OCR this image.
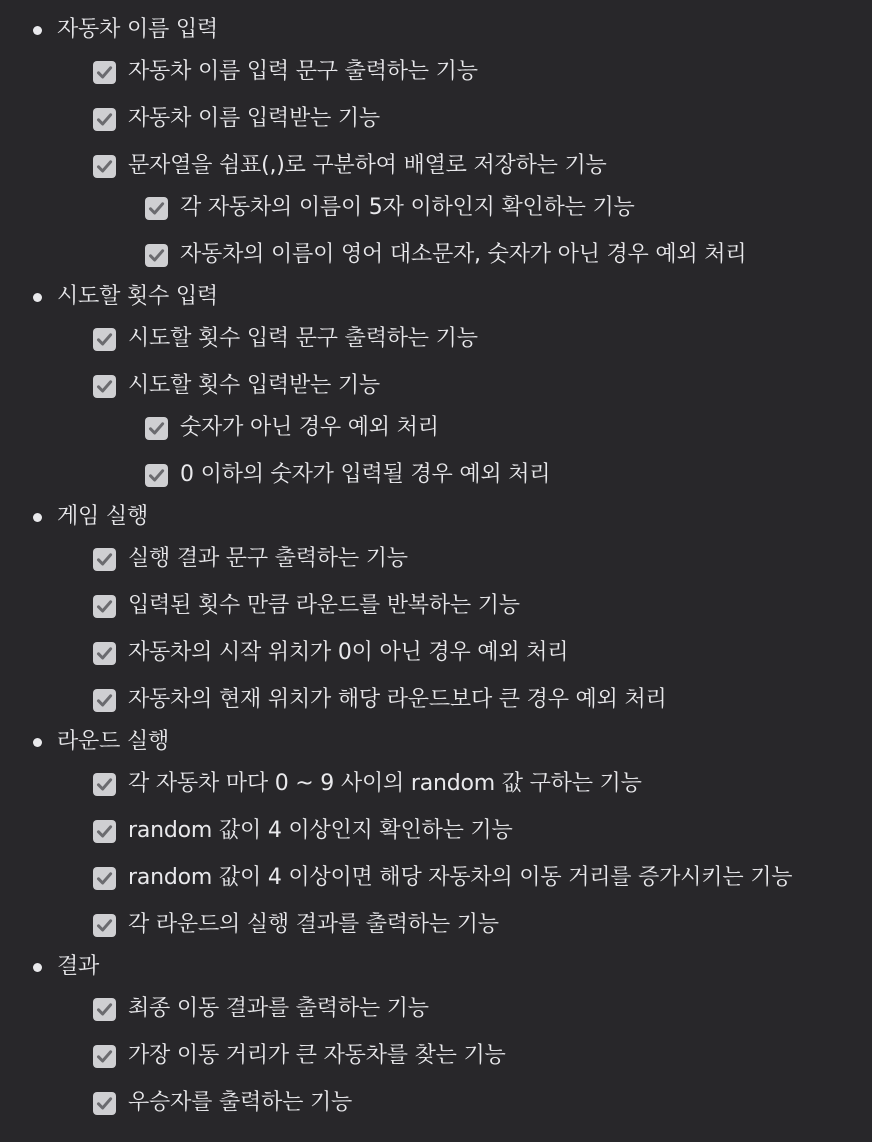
자동차 이름 입력
자동차 이름 입력 문구 출력하는 기능
자동차 이름 입력받는 기능
문자열을 쉼표(,)로 구분하여 배열로 저장하는 기능
각 자동차의 이름이 5자 이하인지 확인하는 기능
자동차의 이름이 영어 대소문자, 숫자가 아닌 경우 예외 처리
시도할 횟수 입력
시도할 횟수 입력 문구 출력하는 기능
시도할 횟수 입력받는 기능
숫자가 아닌 경우 예외 처리
0 이하의 숫자가 입력될 경우 예외 처리
게임 실행
실행 결과 문구 출력하는 기능
입력된 횟수 만큼 라운드를 반복하는 기능
자동차의 시작 위치가 0이 아닌 경우 예외 처리
자동차의 현재 위치가 해당 라운드보다 큰 경우 예외 처리
라운드 실행
각 자동차 마다 0 ~ 9 사이의 random 값 구하는 기능
random 값이 4 이상인지 확인하는 기능
random 값이 4 이상이면 해당 자동차의 이동 거리를 증가시키는 기능
각 라운드의 실행 결과를 출력하는 기능
결과
최종 이동 결과를 출력하는 기능
가장 이동 거리가 큰 자동차를 찾는 기능
우승자를 출력하는 기능
